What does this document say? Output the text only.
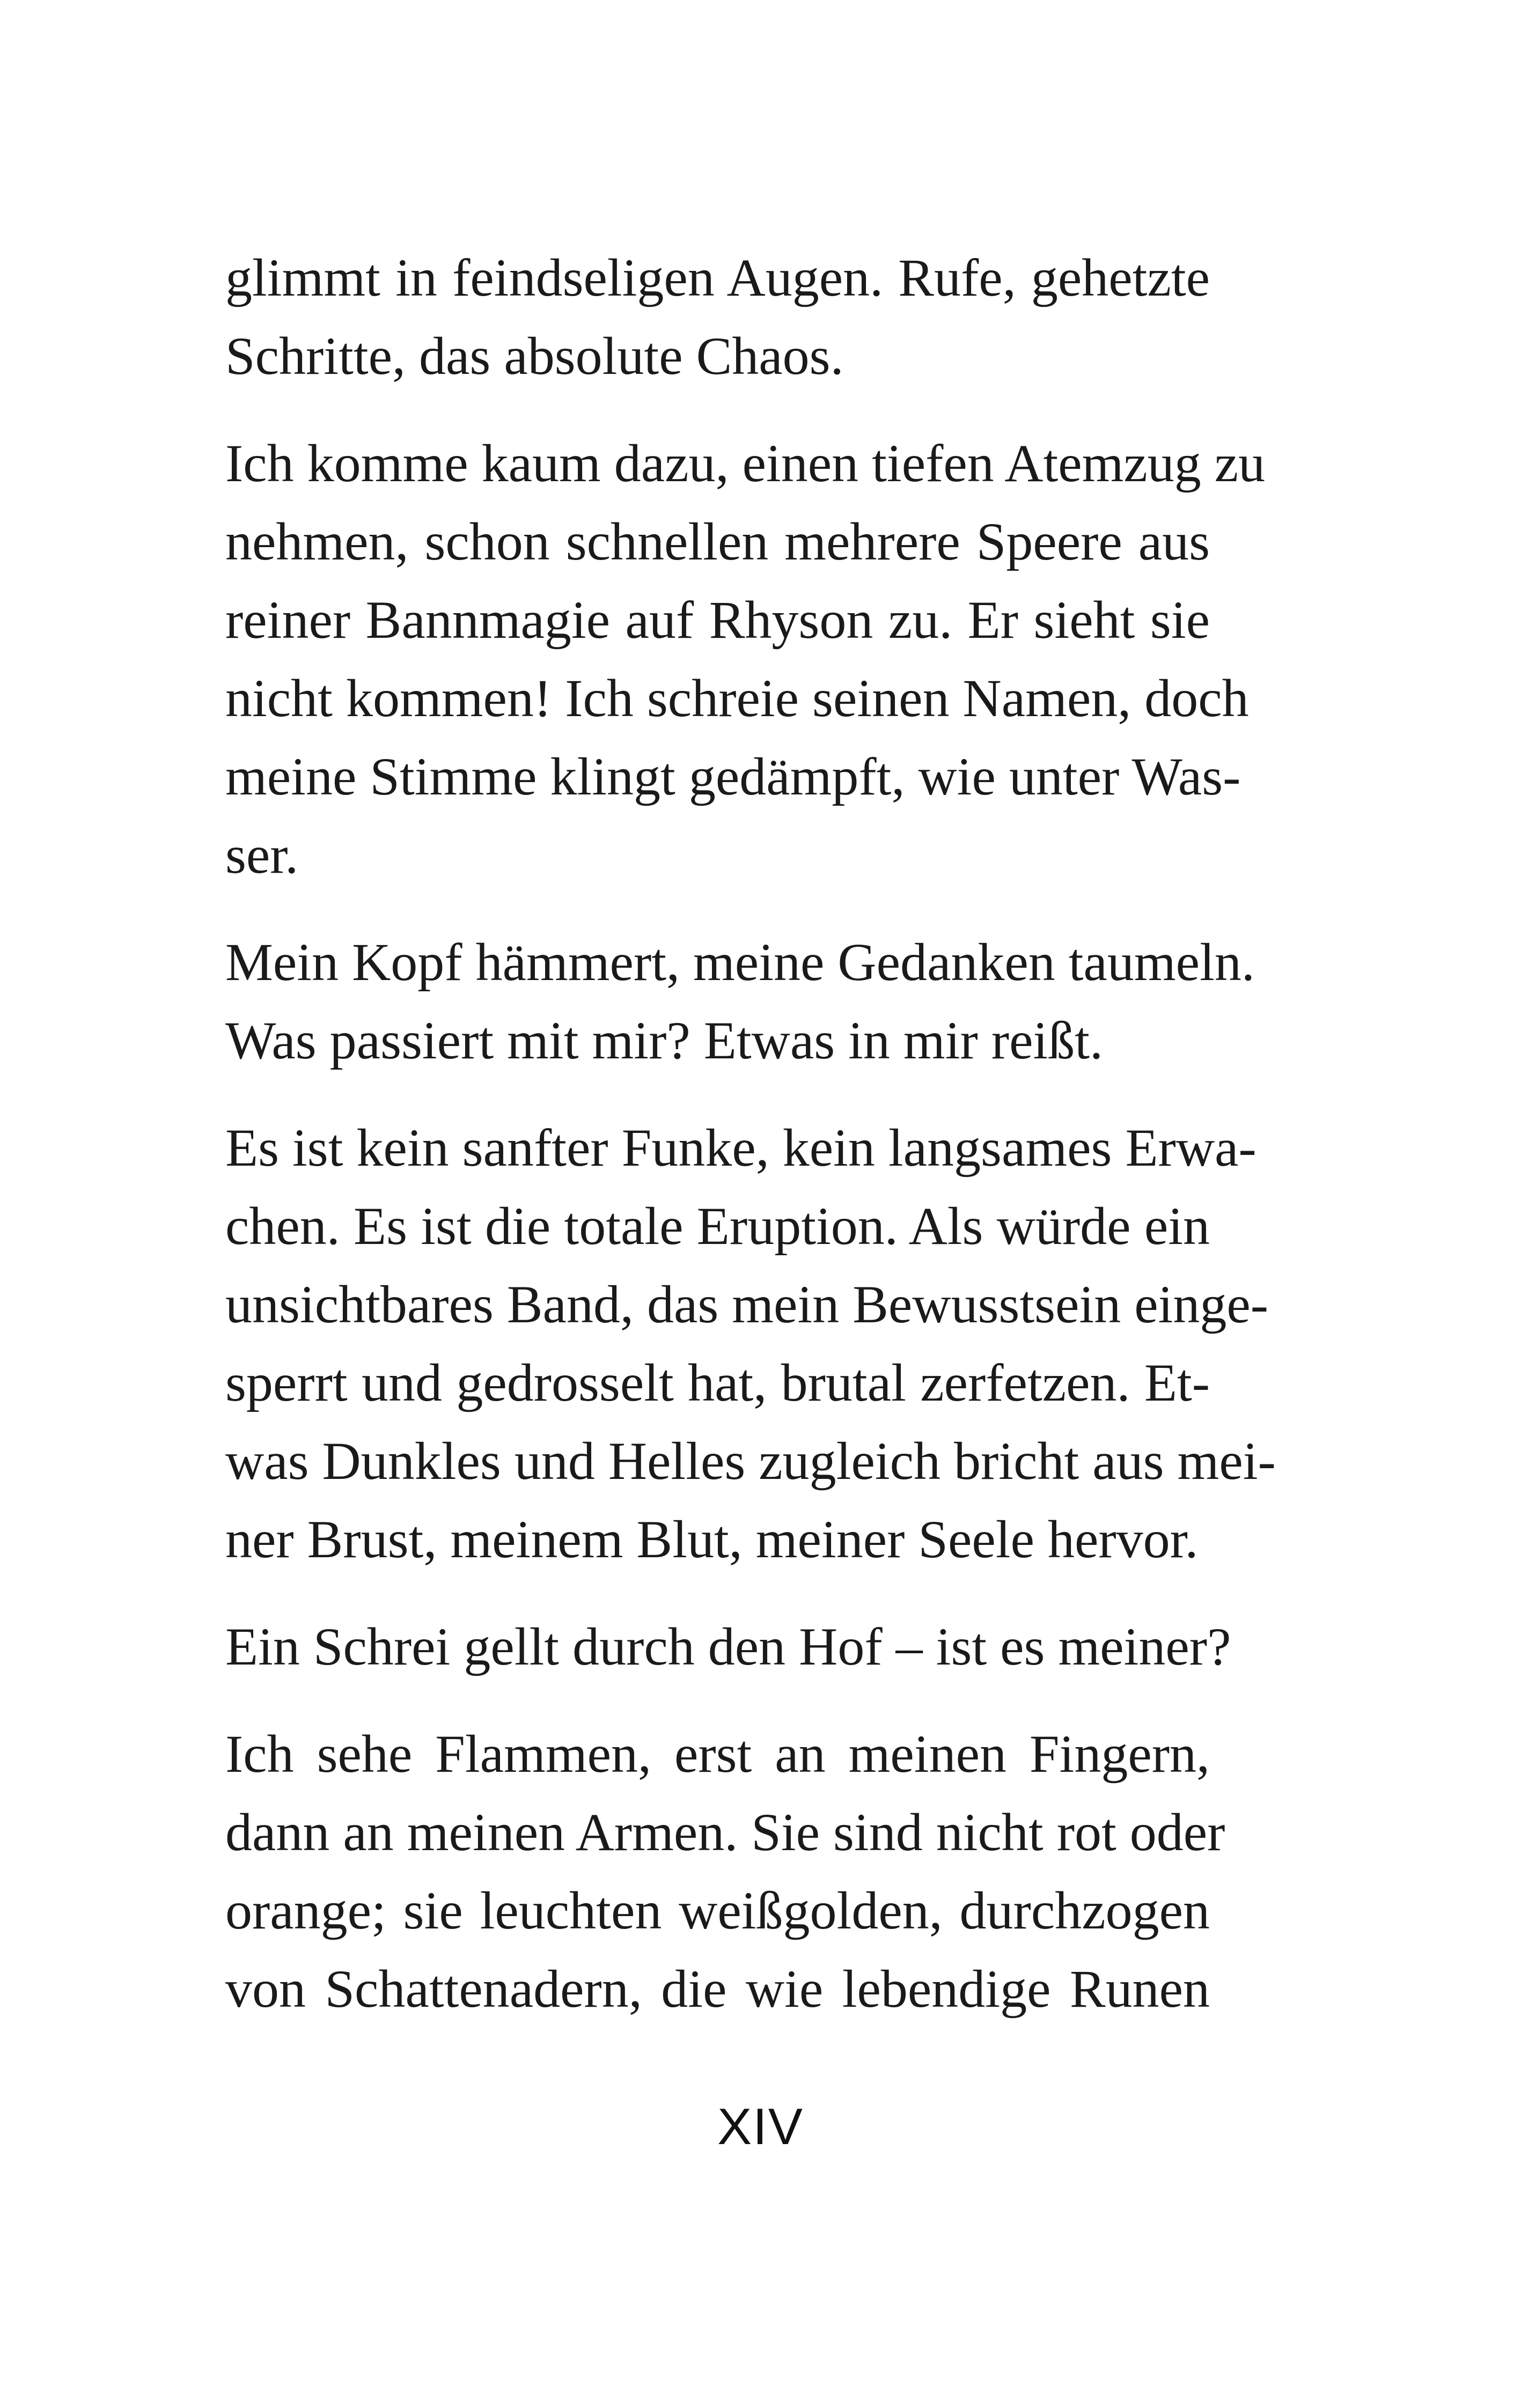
glimmt in feindseligen Augen. Rufe, gehetzte
Schritte, das absolute Chaos.

Ich komme kaum dazu, einen tiefen Atemzug zu
nehmen, schon schnellen mehrere Speere aus
reiner Bannmagie auf Rhyson zu. Er sieht sie
nicht kommen! Ich schreie seinen Namen, doch
meine Stimme klingt gedämpft, wie unter Was-
ser.

Mein Kopf hämmert, meine Gedanken taumeln.
Was passiert mit mir? Etwas in mir reißt.

Es ist kein sanfter Funke, kein langsames Erwa-
chen. Es ist die totale Eruption. Als würde ein
unsichtbares Band, das mein Bewusstsein einge-
sperrt und gedrosselt hat, brutal zerfetzen. Et-
was Dunkles und Helles zugleich bricht aus mei-
ner Brust, meinem Blut, meiner Seele hervor.

Ein Schrei gellt durch den Hof – ist es meiner?

Ich sehe Flammen, erst an meinen Fingern,
dann an meinen Armen. Sie sind nicht rot oder
orange; sie leuchten weißgolden, durchzogen
von Schattenadern, die wie lebendige Runen

XIV
